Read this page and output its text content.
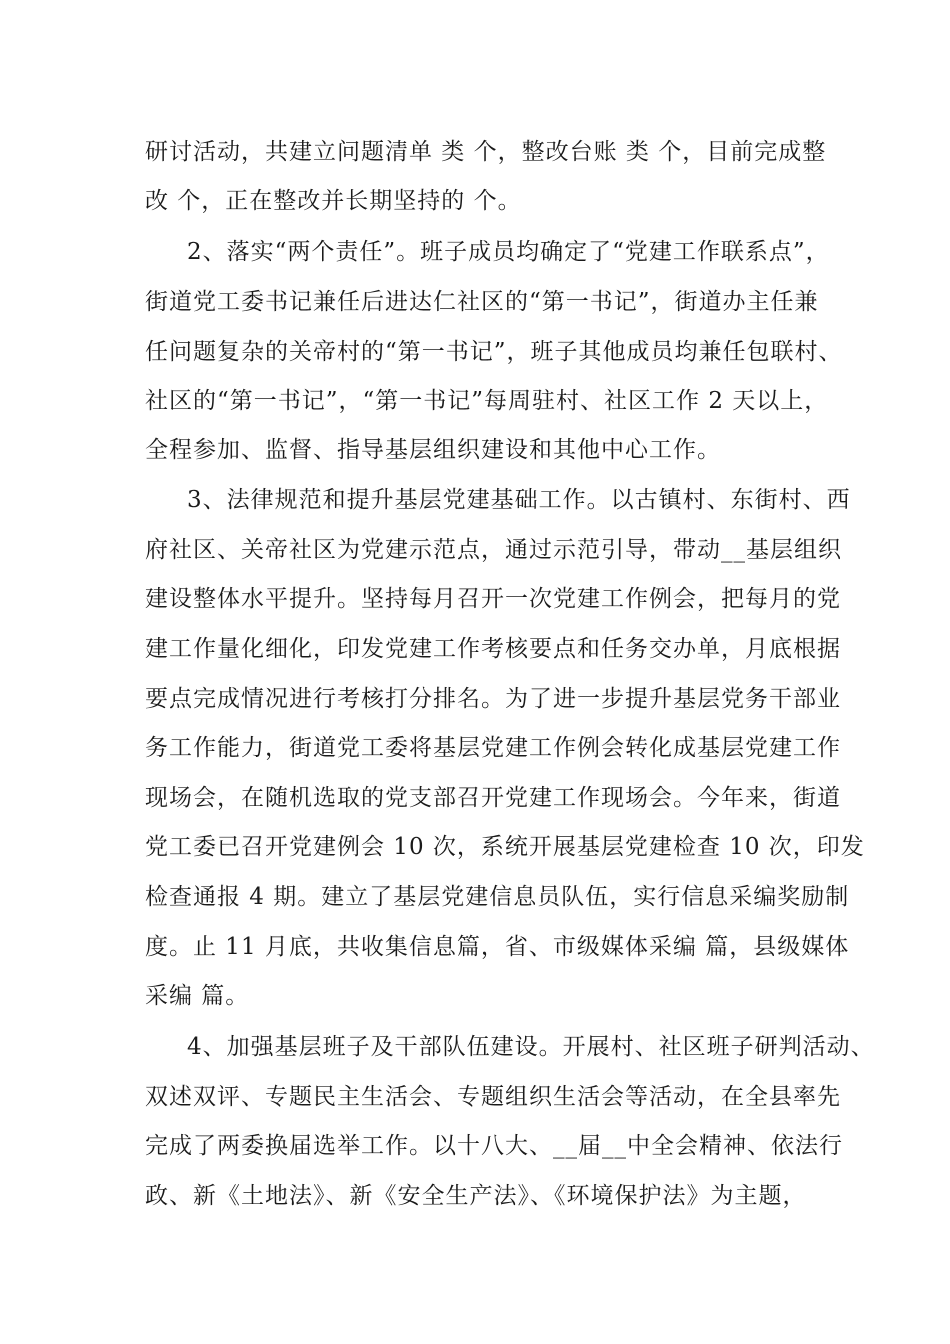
研讨活动，共建立问题清单 类 个，整改台账 类 个，目前完成整
改 个，正在整改并长期坚持的 个。
2、落实“两个责任”。班子成员均确定了“党建工作联系点”，
街道党工委书记兼任后进达仁社区的“第一书记”，街道办主任兼
任问题复杂的关帝村的“第一书记”，班子其他成员均兼任包联村、
社区的“第一书记”，“第一书记”每周驻村、社区工作 2 天以上，
全程参加、监督、指导基层组织建设和其他中心工作。
3、法律规范和提升基层党建基础工作。以古镇村、东街村、西
府社区、关帝社区为党建示范点，通过示范引导，带动__基层组织
建设整体水平提升。坚持每月召开一次党建工作例会，把每月的党
建工作量化细化，印发党建工作考核要点和任务交办单，月底根据
要点完成情况进行考核打分排名。为了进一步提升基层党务干部业
务工作能力，街道党工委将基层党建工作例会转化成基层党建工作
现场会，在随机选取的党支部召开党建工作现场会。今年来，街道
党工委已召开党建例会 10 次，系统开展基层党建检查 10 次，印发
检查通报 4 期。建立了基层党建信息员队伍，实行信息采编奖励制
度。止 11 月底，共收集信息篇，省、市级媒体采编 篇，县级媒体
采编 篇。
4、加强基层班子及干部队伍建设。开展村、社区班子研判活动、
双述双评、专题民主生活会、专题组织生活会等活动，在全县率先
完成了两委换届选举工作。以十八大、__届__中全会精神、依法行
政、新《土地法》、新《安全生产法》、《环境保护法》为主题，
